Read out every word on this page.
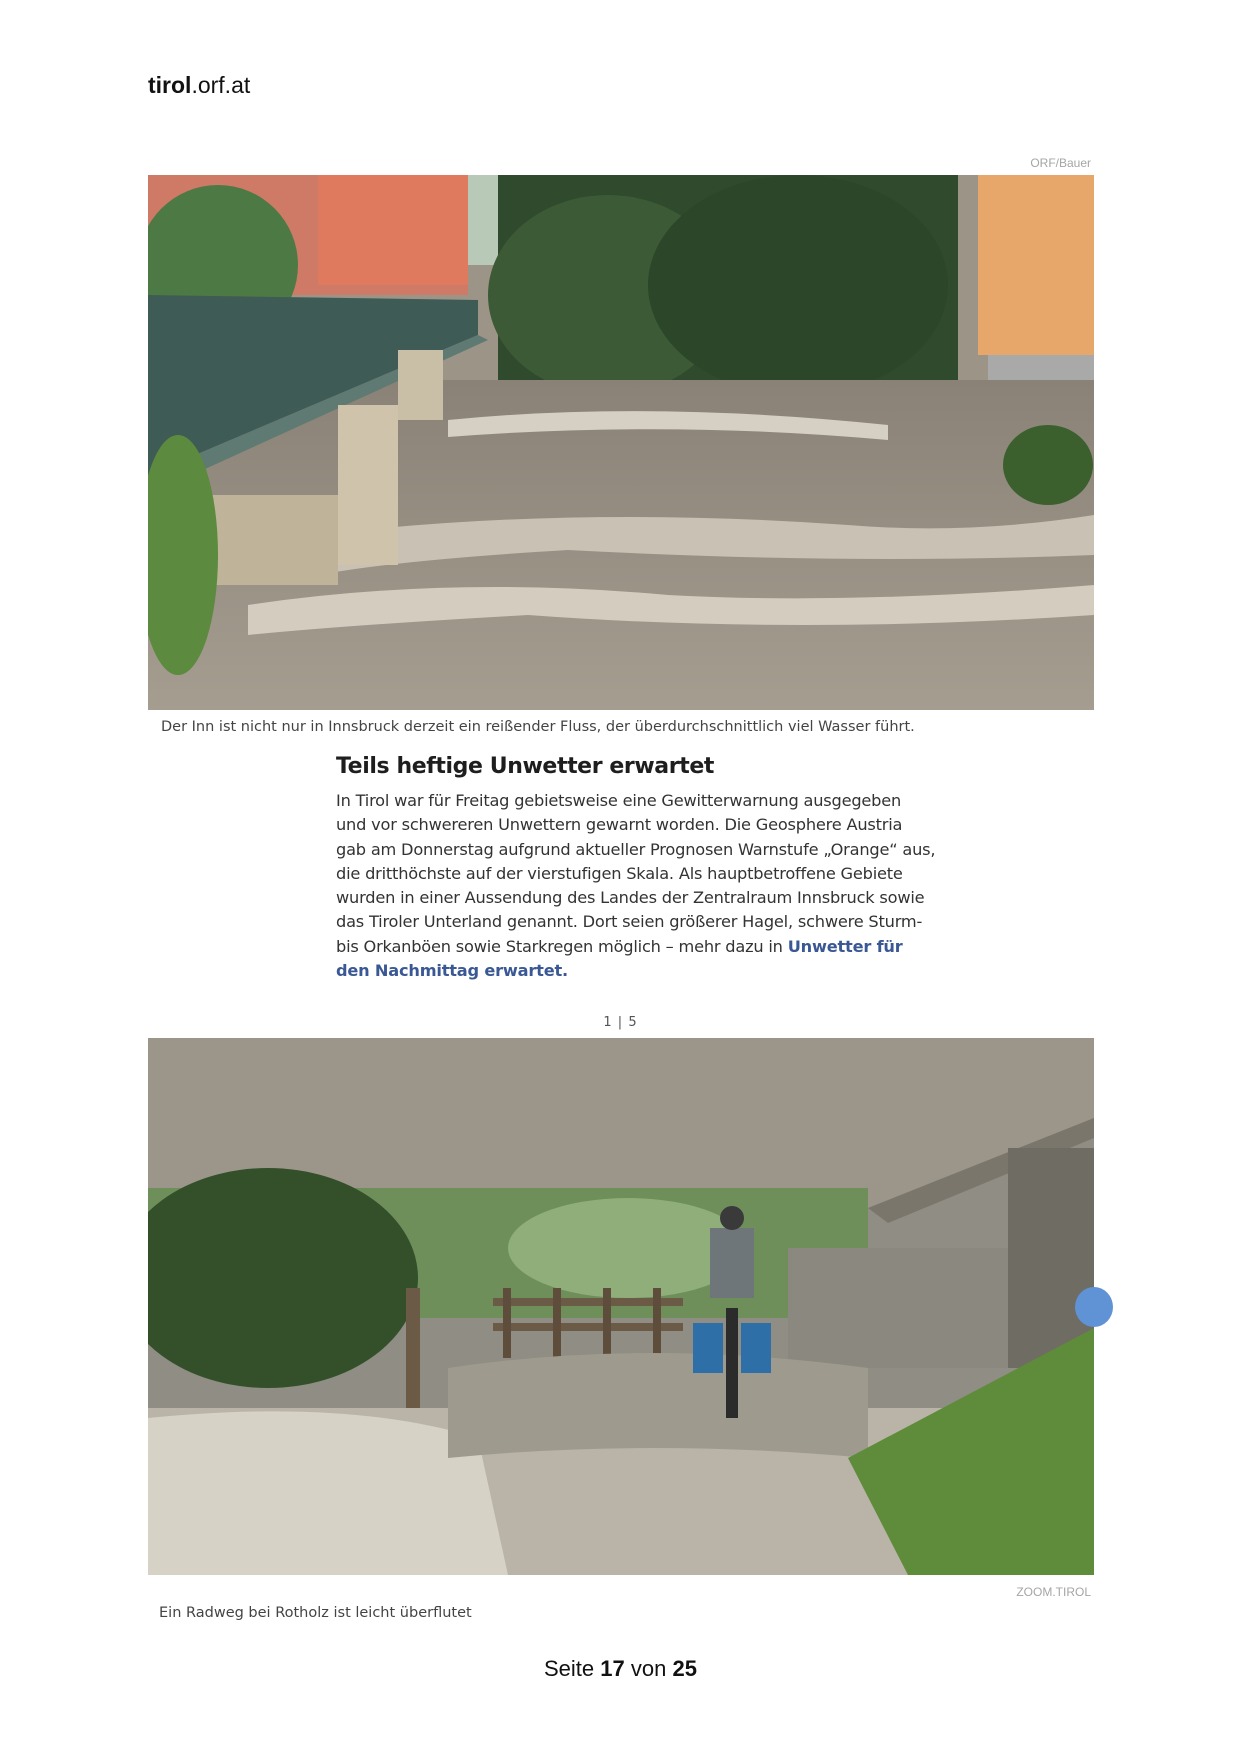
tirol.orf.at
ORF/Bauer
Der Inn ist nicht nur in Innsbruck derzeit ein reißender Fluss, der überdurchschnittlich viel Wasser führt.
Teils heftige Unwetter erwartet

In Tirol war für Freitag gebietsweise eine Gewitterwarnung ausgegeben und vor schwereren Unwettern gewarnt worden. Die Geosphere Austria gab am Donnerstag aufgrund aktueller Prognosen Warnstufe „Orange“ aus, die dritthöchste auf der vierstufigen Skala. Als hauptbetroffene Gebiete wurden in einer Aussendung des Landes der Zentralraum Innsbruck sowie das Tiroler Unterland genannt. Dort seien größerer Hagel, schwere Sturm- bis Orkanböen sowie Starkregen möglich – mehr dazu in Unwetter für den Nachmittag erwartet.

1 | 5
ZOOM.TIROL
Ein Radweg bei Rotholz ist leicht überflutet
Seite 17 von 25
